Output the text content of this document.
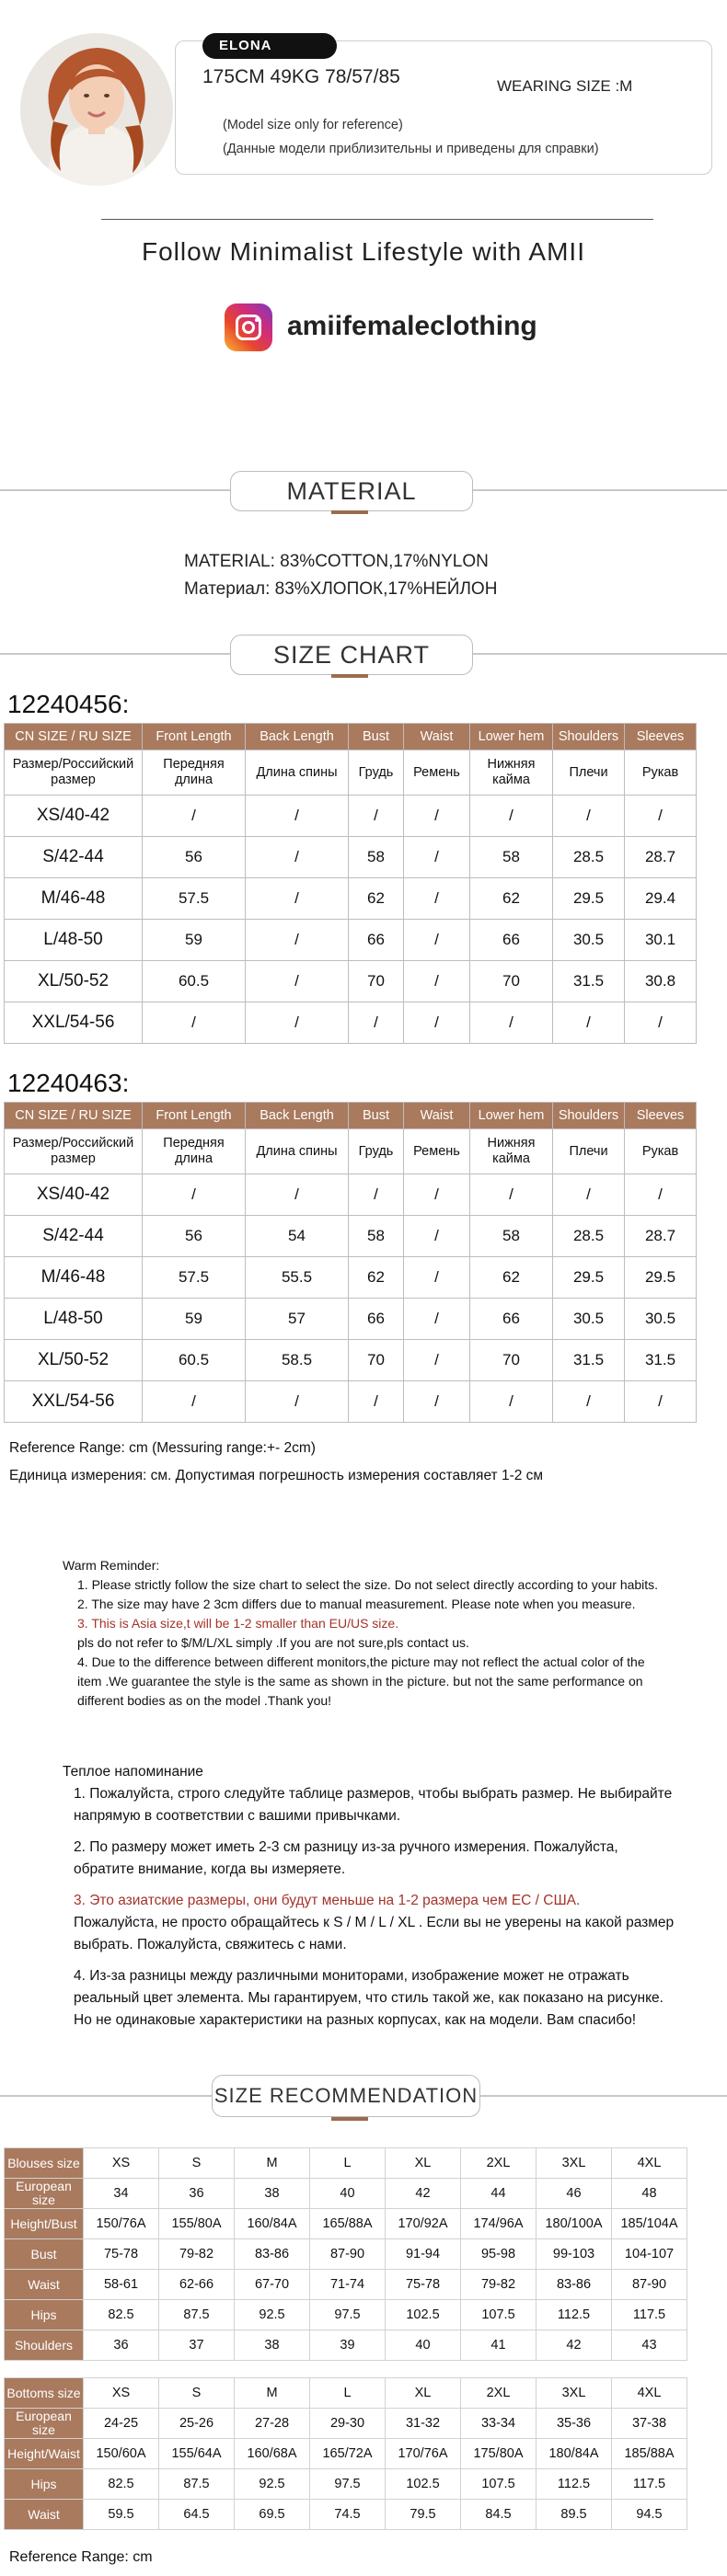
ELONA
175CM 49KG 78/57/85	WEARING SIZE :M
(Model size only for reference)
(Данные модели приблизительны и приведены для справки)
Follow Minimalist Lifestyle with AMII
amiifemaleclothing
MATERIAL
MATERIAL: 83%COTTON,17%NYLON
Материал: 83%ХЛОПОК,17%НЕЙЛОН
SIZE CHART
12240456:
CN SIZE / RU SIZE	Front Length	Back Length	Bust	Waist	Lower hem	Shoulders	Sleeves
Размер/Российский размер	Передняя длина	Длина спины	Грудь	Ремень	Нижняя кайма	Плечи	Рукав
XS/40-42	/	/	/	/	/	/	/
S/42-44	56	/	58	/	58	28.5	28.7
M/46-48	57.5	/	62	/	62	29.5	29.4
L/48-50	59	/	66	/	66	30.5	30.1
XL/50-52	60.5	/	70	/	70	31.5	30.8
XXL/54-56	/	/	/	/	/	/	/
12240463:
CN SIZE / RU SIZE	Front Length	Back Length	Bust	Waist	Lower hem	Shoulders	Sleeves
Размер/Российский размер	Передняя длина	Длина спины	Грудь	Ремень	Нижняя кайма	Плечи	Рукав
XS/40-42	/	/	/	/	/	/	/
S/42-44	56	54	58	/	58	28.5	28.7
M/46-48	57.5	55.5	62	/	62	29.5	29.5
L/48-50	59	57	66	/	66	30.5	30.5
XL/50-52	60.5	58.5	70	/	70	31.5	31.5
XXL/54-56	/	/	/	/	/	/	/
Reference Range: cm (Messuring range:+- 2cm)
Единица измерения: см. Допустимая погрешность измерения составляет 1-2 см
Warm Reminder:
1. Please strictly follow the size chart to select the size. Do not select directly according to your habits.
2. The size may have 2 3cm differs due to manual measurement. Please note when you measure.
3. This is Asia size,t will be 1-2 smaller than EU/US size.
pls do not refer to $/M/L/XL simply .If you are not sure,pls contact us.
4. Due to the difference between different monitors,the picture may not reflect the actual color of the item .We guarantee the style is the same as shown in the picture. but not the same performance on different bodies as on the model .Thank you!
Теплое напоминание
1. Пожалуйста, строго следуйте таблице размеров, чтобы выбрать размер. Не выбирайте напрямую в соответствии с вашими привычками.
2. По размеру может иметь 2-3 см разницу из-за ручного измерения. Пожалуйста, обратите внимание, когда вы измеряете.
3. Это азиатские размеры, они будут меньше на 1-2 размера чем ЕС / США.
Пожалуйста, не просто обращайтесь к S / M / L / XL . Если вы не уверены на какой размер выбрать. Пожалуйста, свяжитесь с нами.
4. Из-за разницы между различными мониторами, изображение может не отражать реальный цвет элемента. Мы гарантируем, что стиль такой же, как показано на рисунке. Но не одинаковые характеристики на разных корпусах, как на модели. Вам спасибо!
SIZE RECOMMENDATION
Blouses size	XS	S	M	L	XL	2XL	3XL	4XL
European size	34	36	38	40	42	44	46	48
Height/Bust	150/76A	155/80A	160/84A	165/88A	170/92A	174/96A	180/100A	185/104A
Bust	75-78	79-82	83-86	87-90	91-94	95-98	99-103	104-107
Waist	58-61	62-66	67-70	71-74	75-78	79-82	83-86	87-90
Hips	82.5	87.5	92.5	97.5	102.5	107.5	112.5	117.5
Shoulders	36	37	38	39	40	41	42	43
Bottoms size	XS	S	M	L	XL	2XL	3XL	4XL
European size	24-25	25-26	27-28	29-30	31-32	33-34	35-36	37-38
Height/Waist	150/60A	155/64A	160/68A	165/72A	170/76A	175/80A	180/84A	185/88A
Hips	82.5	87.5	92.5	97.5	102.5	107.5	112.5	117.5
Waist	59.5	64.5	69.5	74.5	79.5	84.5	89.5	94.5
Reference Range: cm
